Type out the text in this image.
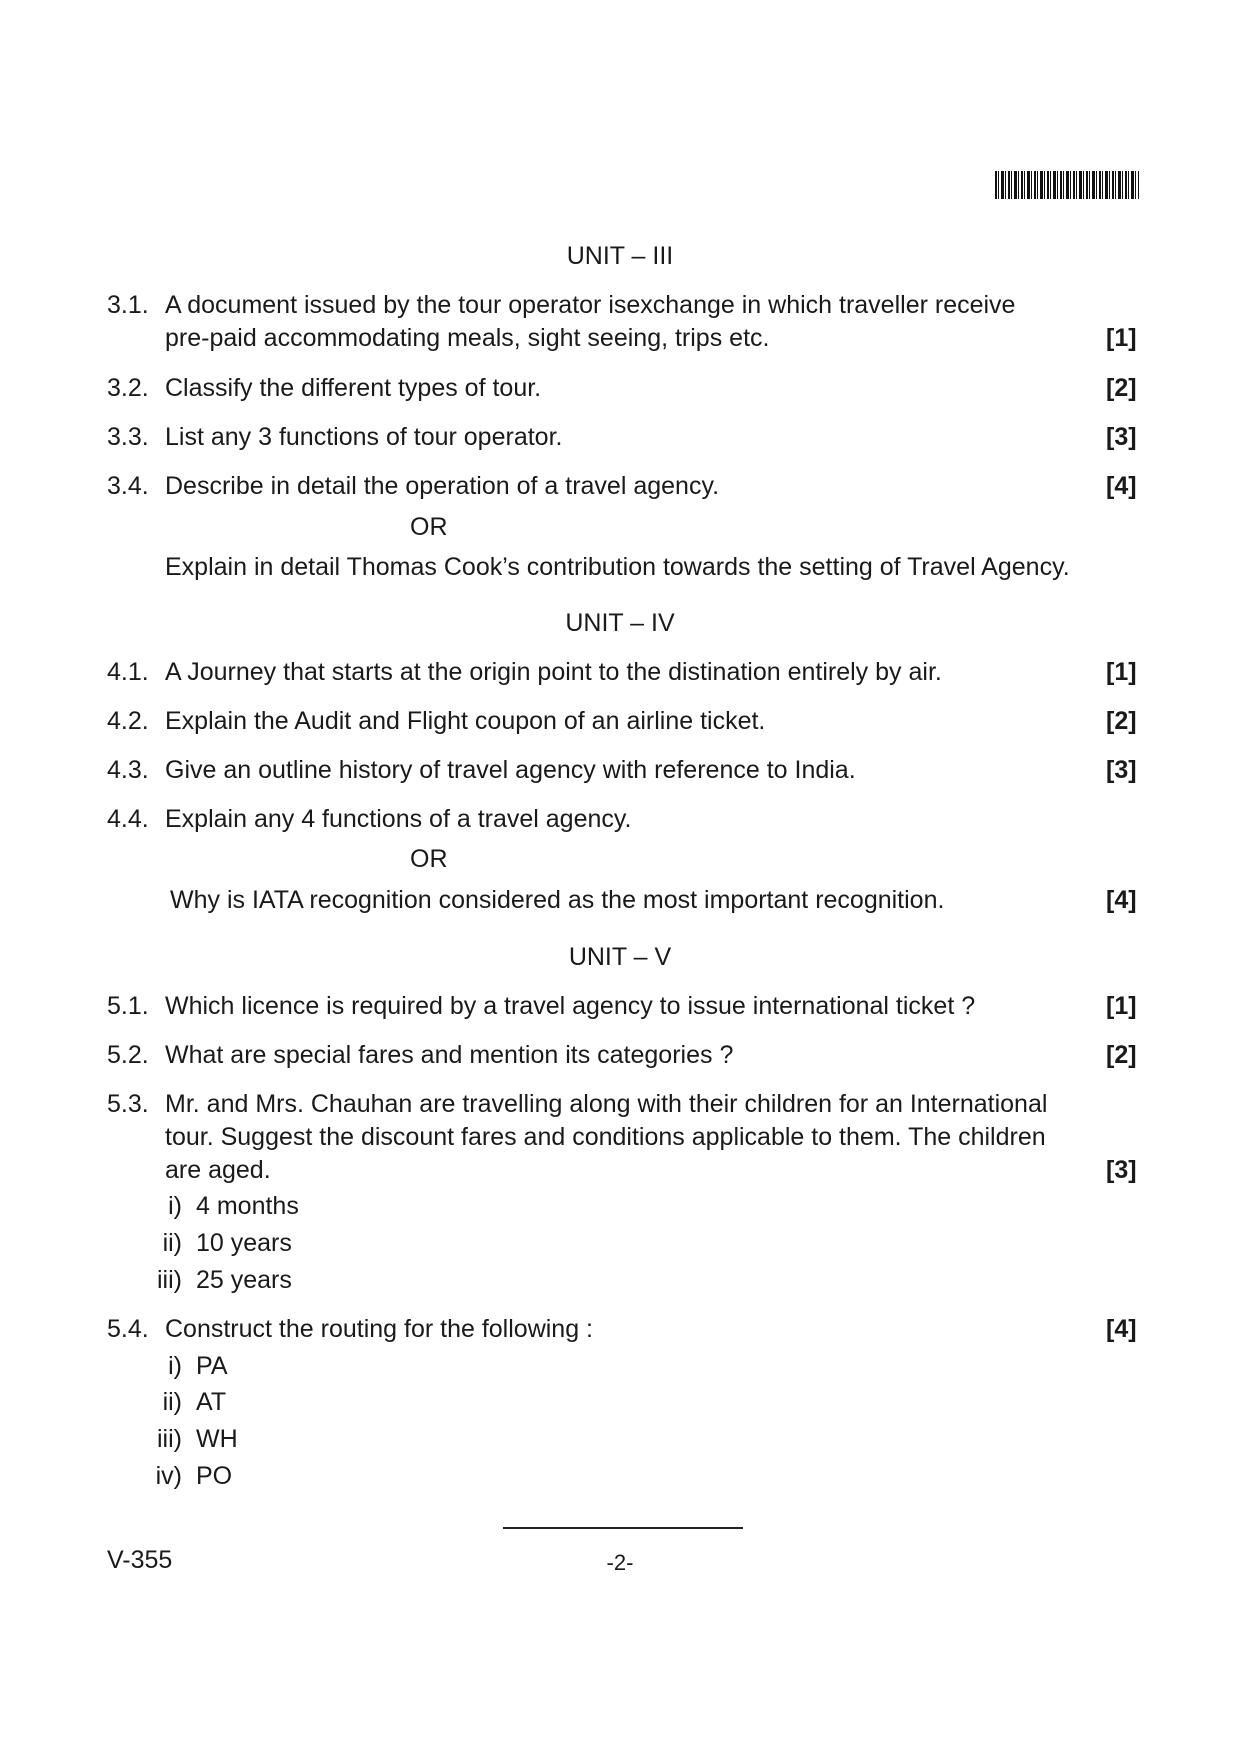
UNIT – III
3.1. A document issued by the tour operator isexchange in which traveller receive
pre-paid accommodating meals, sight seeing, trips etc.	[1]
3.2. Classify the different types of tour.	[2]
3.3. List any 3 functions of tour operator.	[3]
3.4. Describe in detail the operation of a travel agency.	[4]
OR
Explain in detail Thomas Cook’s contribution towards the setting of Travel Agency.
UNIT – IV
4.1. A Journey that starts at the origin point to the distination entirely by air.	[1]
4.2. Explain the Audit and Flight coupon of an airline ticket.	[2]
4.3. Give an outline history of travel agency with reference to India.	[3]
4.4. Explain any 4 functions of a travel agency.
OR
Why is IATA recognition considered as the most important recognition.	[4]
UNIT – V
5.1. Which licence is required by a travel agency to issue international ticket ?	[1]
5.2. What are special fares and mention its categories ?	[2]
5.3. Mr. and Mrs. Chauhan are travelling along with their children for an International
tour. Suggest the discount fares and conditions applicable to them. The children
are aged.	[3]
i) 4 months
ii) 10 years
iii) 25 years
5.4. Construct the routing for the following :	[4]
i) PA
ii) AT
iii) WH
iv) PO
V-355	-2-
